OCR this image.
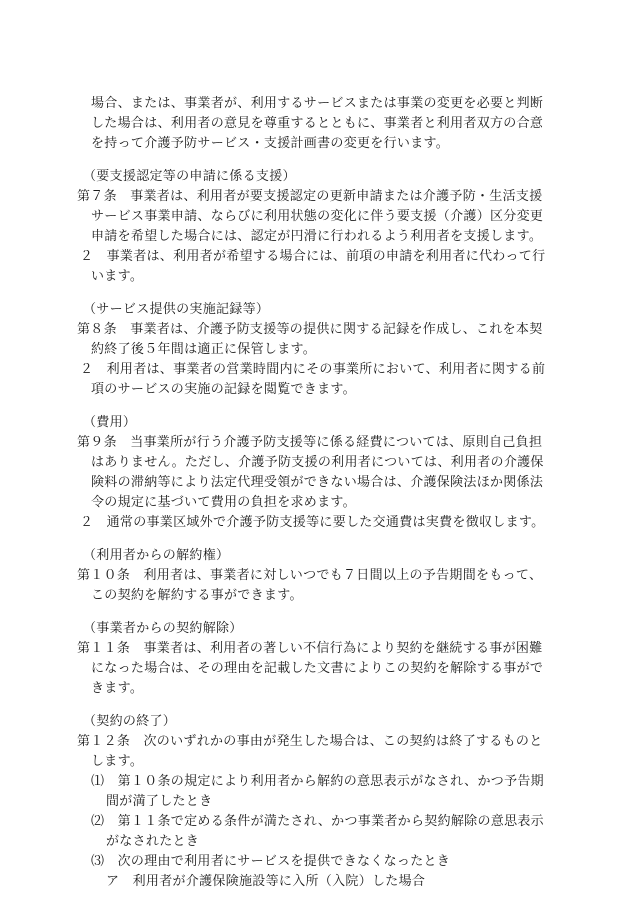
場合、または、事業者が、利用するサービスまたは事業の変更を必要と判断
した場合は、利用者の意見を尊重するとともに、事業者と利用者双方の合意
を持って介護予防サービス・支援計画書の変更を行います。
（要支援認定等の申請に係る支援）
第７条　事業者は、利用者が要支援認定の更新申請または介護予防・生活支援
サービス事業申請、ならびに利用状態の変化に伴う要支援（介護）区分変更
申請を希望した場合には、認定が円滑に行われるよう利用者を支援します。
２　事業者は、利用者が希望する場合には、前項の申請を利用者に代わって行
います。
（サービス提供の実施記録等）
第８条　事業者は、介護予防支援等の提供に関する記録を作成し、これを本契
約終了後５年間は適正に保管します。
２　利用者は、事業者の営業時間内にその事業所において、利用者に関する前
項のサービスの実施の記録を閲覧できます。
（費用）
第９条　当事業所が行う介護予防支援等に係る経費については、原則自己負担
はありません。ただし、介護予防支援の利用者については、利用者の介護保
険料の滞納等により法定代理受領ができない場合は、介護保険法ほか関係法
令の規定に基づいて費用の負担を求めます。
２　通常の事業区域外で介護予防支援等に要した交通費は実費を徴収します。
（利用者からの解約権）
第１０条　利用者は、事業者に対しいつでも７日間以上の予告期間をもって、
この契約を解約する事ができます。
（事業者からの契約解除）
第１１条　事業者は、利用者の著しい不信行為により契約を継続する事が困難
になった場合は、その理由を記載した文書によりこの契約を解除する事がで
きます。
（契約の終了）
第１２条　次のいずれかの事由が発生した場合は、この契約は終了するものと
します。
⑴　第１０条の規定により利用者から解約の意思表示がなされ、かつ予告期
間が満了したとき
⑵　第１１条で定める条件が満たされ、かつ事業者から契約解除の意思表示
がなされたとき
⑶　次の理由で利用者にサービスを提供できなくなったとき
ア　利用者が介護保険施設等に入所（入院）した場合
